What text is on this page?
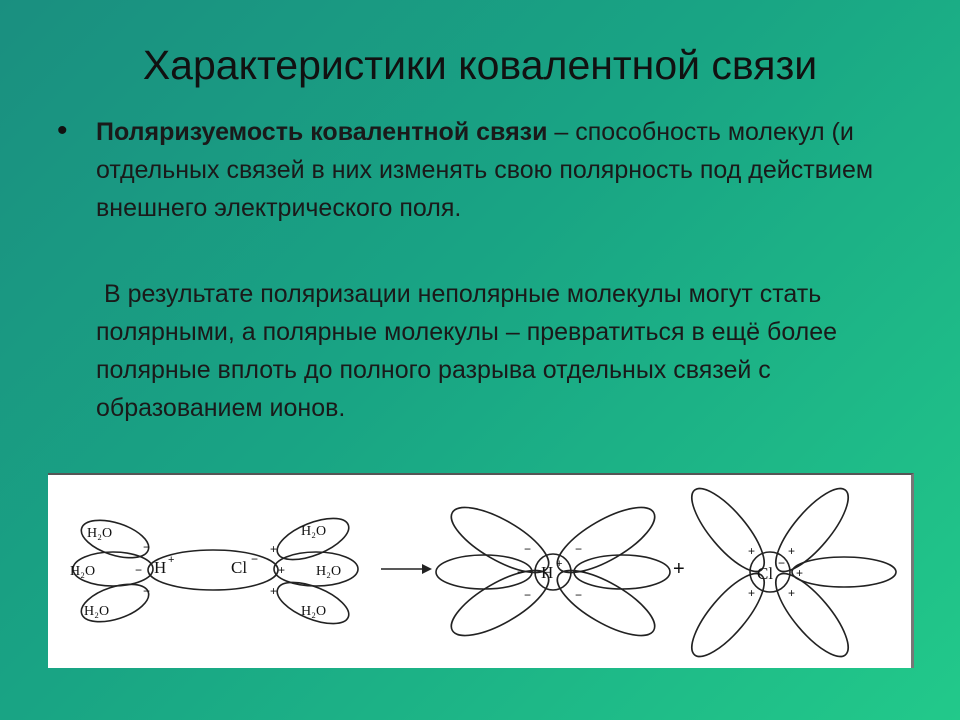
Характеристики ковалентной связи
• Поляризуемость ковалентной связи – способность молекул (и отдельных связей в них изменять свою полярность под действием внешнего электрического поля.
В результате поляризации неполярные молекулы могут стать полярными, а полярные молекулы – превратиться в ещё более полярные вплоть до полного разрыва отдельных связей с образованием ионов.
H₂O
H₂O
H₂O
H₂O
H₂O
H₂O
H +	Cl −
−
−
−
+
+
+
H +
−
−
−
−
−
−
+	Cl
−
+	+
+	+
+
